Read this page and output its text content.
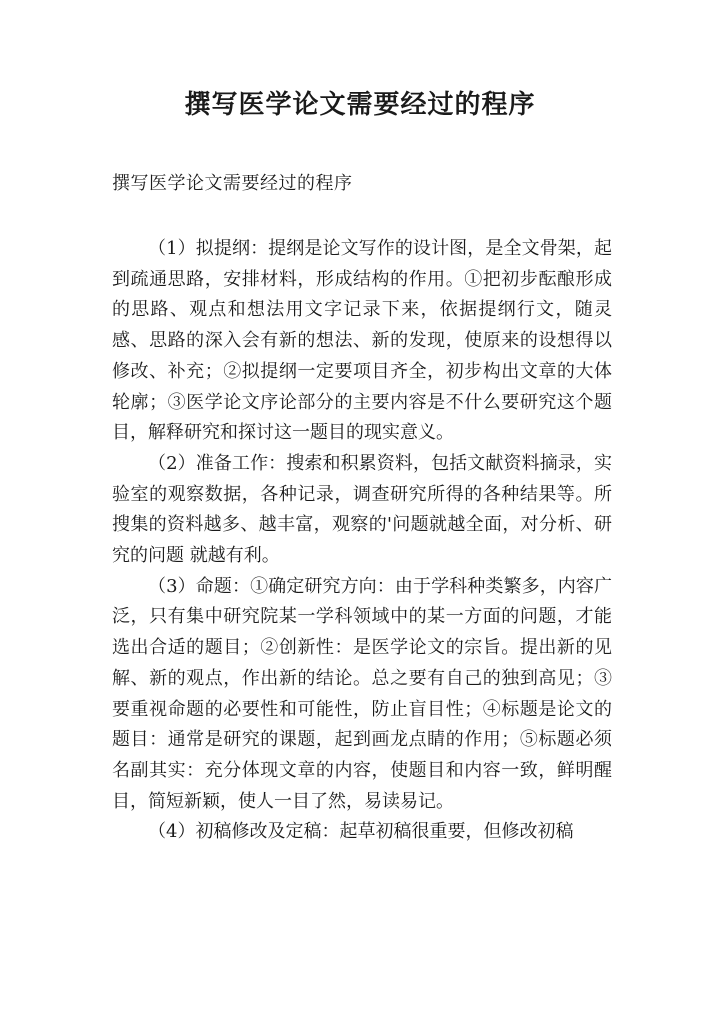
撰写医学论文需要经过的程序

撰写医学论文需要经过的程序

（1）拟提纲：提纲是论文写作的设计图，是全文骨架，起到疏通思路，安排材料，形成结构的作用。①把初步酝酿形成的思路、观点和想法用文字记录下来，依据提纲行文，随灵感、思路的深入会有新的想法、新的发现，使原来的设想得以修改、补充；②拟提纲一定要项目齐全，初步构出文章的大体轮廓；③医学论文序论部分的主要内容是不什么要研究这个题目，解释研究和探讨这一题目的现实意义。

（2）准备工作：搜索和积累资料，包括文献资料摘录，实验室的观察数据，各种记录，调查研究所得的各种结果等。所搜集的资料越多、越丰富，观察的'问题就越全面，对分析、研究的问题 就越有利。

（3）命题：①确定研究方向：由于学科种类繁多，内容广泛，只有集中研究院某一学科领域中的某一方面的问题，才能选出合适的题目；②创新性：是医学论文的宗旨。提出新的见解、新的观点，作出新的结论。总之要有自己的独到高见；③要重视命题的必要性和可能性，防止盲目性；④标题是论文的题目：通常是研究的课题，起到画龙点睛的作用；⑤标题必须名副其实：充分体现文章的内容，使题目和内容一致，鲜明醒目，简短新颖，使人一目了然，易读易记。

（4）初稿修改及定稿：起草初稿很重要，但修改初稿
